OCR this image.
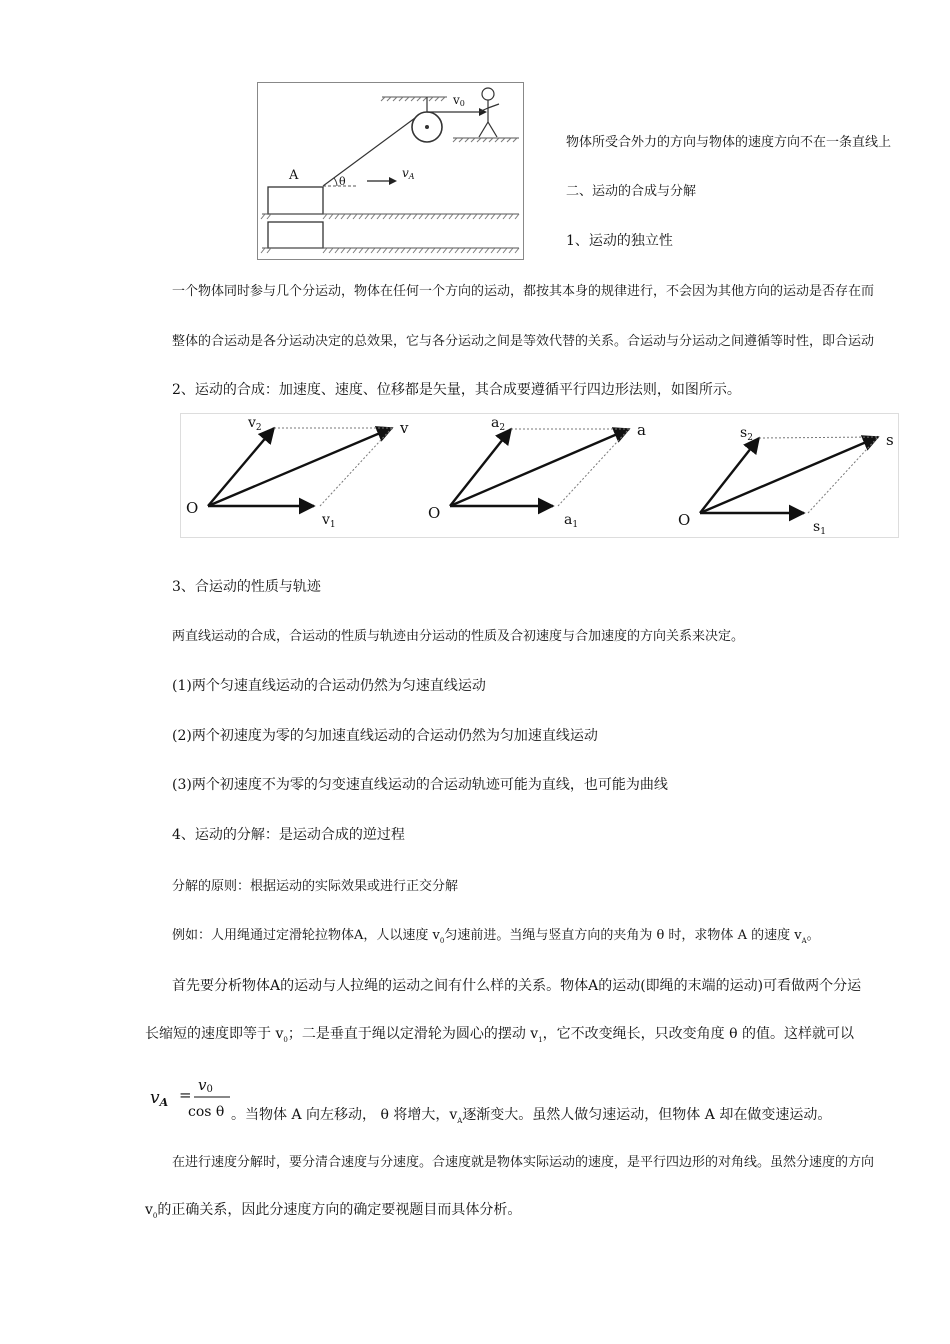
A	θ
v0
vA
物体所受合外力的方向与物体的速度方向不在一条直线上
二、运动的合成与分解
1、运动的独立性
一个物体同时参与几个分运动，物体在任何一个方向的运动，都按其本身的规律进行，不会因为其他方向的运动是否存在而
整体的合运动是各分运动决定的总效果，它与各分运动之间是等效代替的关系。合运动与分运动之间遵循等时性，即合运动
2、运动的合成：加速度、速度、位移都是矢量，其合成要遵循平行四边形法则，如图所示。
O
$v_1$
$v_2$	v
O	$a_1$
$a_2$	a
O	$s_1$
$s_2$	s
3、合运动的性质与轨迹
两直线运动的合成，合运动的性质与轨迹由分运动的性质及合初速度与合加速度的方向关系来决定。
(1)两个匀速直线运动的合运动仍然为匀速直线运动
(2)两个初速度为零的匀加速直线运动的合运动仍然为匀加速直线运动
(3)两个初速度不为零的匀变速直线运动的合运动轨迹可能为直线，也可能为曲线
4、运动的分解：是运动合成的逆过程
分解的原则：根据运动的实际效果或进行正交分解
例如：人用绳通过定滑轮拉物体A，人以速度 $v_0$匀速前进。当绳与竖直方向的夹角为 θ 时，求物体 A 的速度 $v_A$。
首先要分析物体A的运动与人拉绳的运动之间有什么样的关系。物体A的运动(即绳的末端的运动)可看做两个分运
长缩短的速度即等于 $v_0$；二是垂直于绳以定滑轮为圆心的摆动 $v_1$，它不改变绳长，只改变角度 θ 的值。这样就可以
vA =
v0
cos θ 。当物体 A 向左移动， θ 将增大，$v_A$逐渐变大。虽然人做匀速运动，但物体 A 却在做变速运动。
在进行速度分解时，要分清合速度与分速度。合速度就是物体实际运动的速度，是平行四边形的对角线。虽然分速度的方向
$v_0$的正确关系，因此分速度方向的确定要视题目而具体分析。
